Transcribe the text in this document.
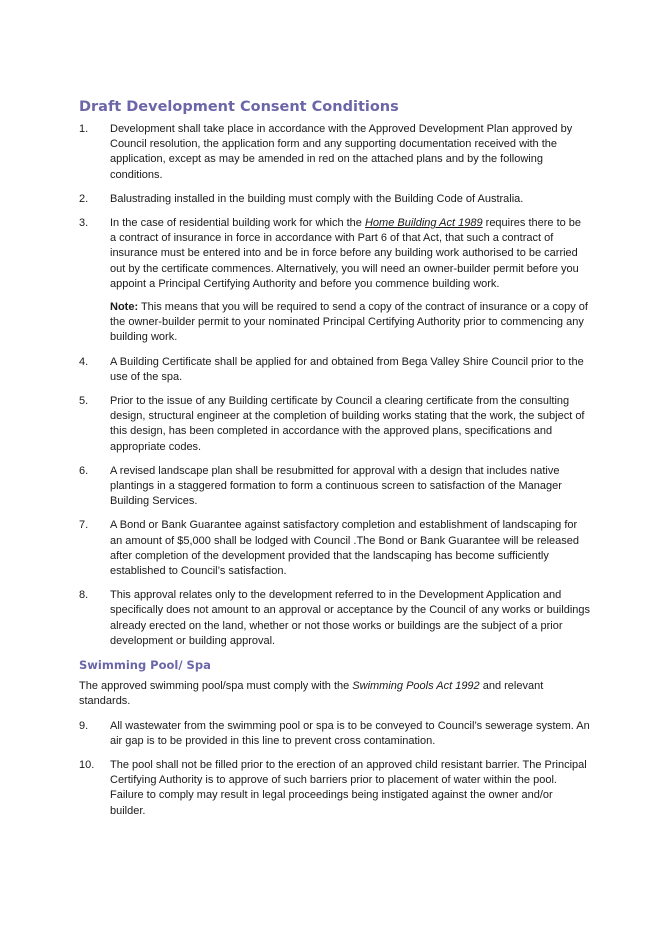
Draft Development Consent Conditions
1.	Development shall take place in accordance with the Approved Development Plan approved by Council resolution, the application form and any supporting documentation received with the application, except as may be amended in red on the attached plans and by the following conditions.

2.	Balustrading installed in the building must comply with the Building Code of Australia.

3.	In the case of residential building work for which the Home Building Act 1989 requires there to be a contract of insurance in force in accordance with Part 6 of that Act, that such a contract of insurance must be entered into and be in force before any building work authorised to be carried out by the certificate commences. Alternatively, you will need an owner-builder permit before you appoint a Principal Certifying Authority and before you commence building work.

Note: This means that you will be required to send a copy of the contract of insurance or a copy of the owner-builder permit to your nominated Principal Certifying Authority prior to commencing any building work.

4.	A Building Certificate shall be applied for and obtained from Bega Valley Shire Council prior to the use of the spa.

5.	Prior to the issue of any Building certificate by Council a clearing certificate from the consulting design, structural engineer at the completion of building works stating that the work, the subject of this design, has been completed in accordance with the approved plans, specifications and appropriate codes.

6.	A revised landscape plan shall be resubmitted for approval with a design that includes native plantings in a staggered formation to form a continuous screen to satisfaction of the Manager Building Services.

7.	A Bond or Bank Guarantee against satisfactory completion and establishment of landscaping for an amount of $5,000 shall be lodged with Council .The Bond or Bank Guarantee will be released after completion of the development provided that the landscaping has become sufficiently established to Council’s satisfaction.

8.	This approval relates only to the development referred to in the Development Application and specifically does not amount to an approval or acceptance by the Council of any works or buildings already erected on the land, whether or not those works or buildings are the subject of a prior development or building approval.

Swimming Pool/ Spa

The approved swimming pool/spa must comply with the Swimming Pools Act 1992 and relevant standards.

9.	All wastewater from the swimming pool or spa is to be conveyed to Council’s sewerage system. An air gap is to be provided in this line to prevent cross contamination.

10.	The pool shall not be filled prior to the erection of an approved child resistant barrier. The Principal Certifying Authority is to approve of such barriers prior to placement of water within the pool. Failure to comply may result in legal proceedings being instigated against the owner and/or builder.
